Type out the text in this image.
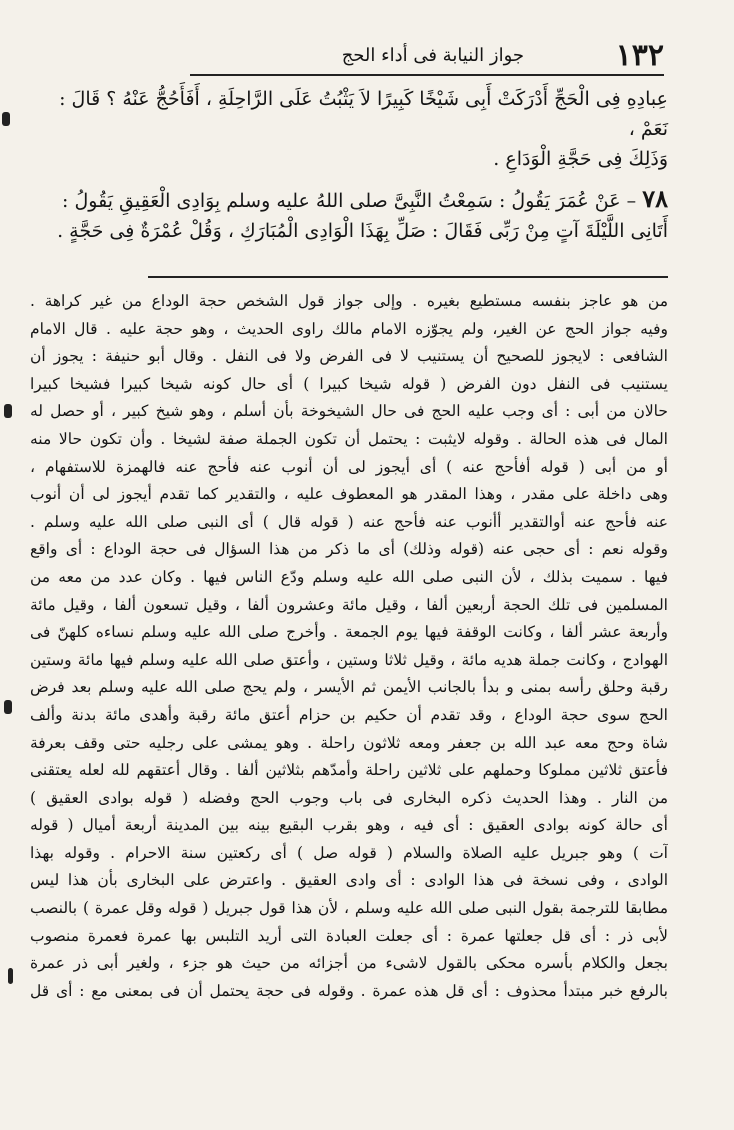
١٣٢
جواز النيابة فى أداء الحج

عِبادِهِ فِى الْحَجِّ أَدْرَكَتْ أَبِى شَيْخًا كَبِيرًا لاَ يَثْبُتُ عَلَى الرَّاحِلَةِ ، أَفَأَحُجُّ عَنْهُ ؟ قَالَ : نَعَمْ ،

وَذَلِكَ فِى حَجَّةِ الْوَدَاعِ .

٧٨ – عَنْ عُمَرَ يَقُولُ : سَمِعْتُ النَّبِىَّ صلى اللهُ عليه وسلم بِوَادِى الْعَقِيقِ يَقُولُ :

أَتَانِى اللَّيْلَةَ آتٍ مِنْ رَبِّى فَقَالَ : صَلِّ بِهَذَا الْوَادِى الْمُبَارَكِ ، وَقُلْ عُمْرَةٌ فِى حَجَّةٍ .

من هو عاجز بنفسه مستطيع بغيره . وإلى جواز قول الشخص حجة الوداع من غير كراهة .
وفيه جواز الحج عن الغير، ولم يجوّزه الامام مالك راوى الحديث ، وهو حجة عليه . قال الامام
الشافعى : لايجوز للصحيح أن يستنيب لا فى الفرض ولا فى النفل . وقال أبو حنيفة : يجوز أن
يستنيب فى النفل دون الفرض ( قوله شيخا كبيرا ) أى حال كونه شيخا كبيرا فشيخا كبيرا
حالان من أبى : أى وجب عليه الحج فى حال الشيخوخة بأن أسلم ، وهو شيخ كبير ، أو حصل له
المال فى هذه الحالة . وقوله لايثبت : يحتمل أن تكون الجملة صفة لشيخا . وأن تكون حالا منه
أو من أبى ( قوله أفأحج عنه ) أى أيجوز لى أن أنوب عنه فأحج عنه فالهمزة للاستفهام ،
وهى داخلة على مقدر ، وهذا المقدر هو المعطوف عليه ، والتقدير كما تقدم أيجوز لى أن أنوب
عنه فأحج عنه أوالتقدير أأنوب عنه فأحج عنه ( قوله قال ) أى النبى صلى الله عليه وسلم .
وقوله نعم : أى حجى عنه (قوله وذلك) أى ما ذكر من هذا السؤال فى حجة الوداع : أى واقع
فيها . سميت بذلك ، لأن النبى صلى الله عليه وسلم ودّع الناس فيها . وكان عدد من معه من
المسلمين فى تلك الحجة أربعين ألفا ، وقيل مائة وعشرون ألفا ، وقيل تسعون ألفا ، وقيل مائة
وأربعة عشر ألفا ، وكانت الوقفة فيها يوم الجمعة . وأخرج صلى الله عليه وسلم نساءه كلهنّ فى
الهوادج ، وكانت جملة هديه مائة ، وقيل ثلاثا وستين ، وأعتق صلى الله عليه وسلم فيها مائة وستين
رقبة وحلق رأسه بمنى و بدأ بالجانب الأيمن ثم الأيسر ، ولم يحج صلى الله عليه وسلم بعد فرض
الحج سوى حجة الوداع ، وقد تقدم أن حكيم بن حزام أعتق مائة رقبة وأهدى مائة بدنة وألف
شاة وحج معه عبد الله بن جعفر ومعه ثلاثون راحلة . وهو يمشى على رجليه حتى وقف بعرفة
فأعتق ثلاثين مملوكا وحملهم على ثلاثين راحلة وأمدّهم بثلاثين ألفا . وقال أعتقهم لله لعله يعتقنى
من النار . وهذا الحديث ذكره البخارى فى باب وجوب الحج وفضله ( قوله بوادى العقيق )
أى حالة كونه بوادى العقيق : أى فيه ، وهو بقرب البقيع بينه بين المدينة أربعة أميال ( قوله
آت ) وهو جبريل عليه الصلاة والسلام ( قوله صل ) أى ركعتين سنة الاحرام . وقوله بهذا
الوادى ، وفى نسخة فى هذا الوادى : أى وادى العقيق . واعترض على البخارى بأن هذا ليس
مطابقا للترجمة بقول النبى صلى الله عليه وسلم ، لأن هذا قول جبريل ( قوله وقل عمرة ) بالنصب
لأبى ذر : أى قل جعلتها عمرة : أى جعلت العبادة التى أريد التلبس بها عمرة فعمرة منصوب
بجعل والكلام بأسره محكى بالقول لاشىء من أجزائه من حيث هو جزء ، ولغير أبى ذر عمرة
بالرفع خبر مبتدأ محذوف : أى قل هذه عمرة . وقوله فى حجة يحتمل أن فى بمعنى مع : أى قل
